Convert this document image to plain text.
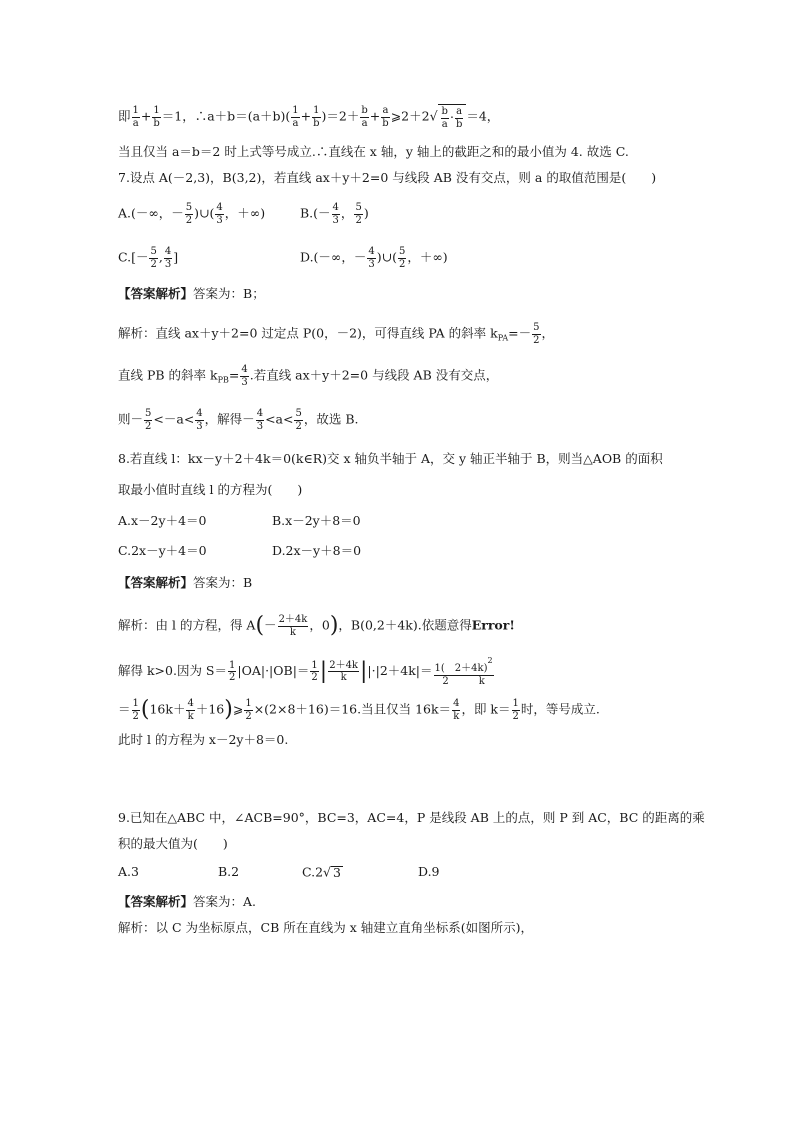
即 $\frac{1}{a} + \frac{1}{b} =1$，∴a＋b＝(a＋b)( $\frac{1}{a} + \frac{1}{b} )=2+ \frac{b}{a} + \frac{a}{b}$ ⩾2＋2√ $\frac{b}{a} \cdot \frac{a}{b} =4$，
当且仅当 a＝b＝2 时上式等号成立.∴直线在 x 轴，y 轴上的截距之和的最小值为 4. 故选 C.
7.设点 A(－2,3)，B(3,2)，若直线 ax＋y＋2=0 与线段 AB 没有交点，则 a 的取值范围是(　　)
A.(－∞，－ $\frac{5}{2}$ )∪( $\frac{4}{3}$ ，＋∞)	$B.(- \frac{4}{3}$ ， $\frac{5}{2}$ )
$C.[- \frac{5}{2}$ , $\frac{4}{3}$ ]	D.(－∞，－ $\frac{4}{3}$ )∪( $\frac{5}{2}$ ，＋∞)
【答案解析】答案为：B；
解析：直线 ax＋y＋2=0 过定点 P(0，－2)，可得直线 PA 的斜率 $k_{PA}=- \frac{5}{2}$ ，
直线 PB 的斜率 $k_{PB}= \frac{4}{3}$ .若直线 ax＋y＋2=0 与线段 AB 没有交点，
则－ $\frac{5}{2} <-a< \frac{4}{3}$ ，解得－ $\frac{4}{3} <a< \frac{5}{2}$ ，故选 B.
8.若直线 l：kx－y＋2＋4k＝0(k∈R)交 x 轴负半轴于 A，交 y 轴正半轴于 B，则当△AOB 的面积
取最小值时直线 l 的方程为(　　)
A.x－2y＋4＝0	B.x－2y＋8＝0
C.2x－y＋4＝0	D.2x－y＋8＝0
【答案解析】答案为：B
解析：由 l 的方程，得 $A(- \frac{2+4k}{k}$ ，0)，B(0,2＋4k).依题意得Error!
解得 k>0.因为 $S= \frac{1}{2} |OA|\cdot|OB|= \frac{1}{2}$ | $\frac{2+4k}{k} ||\cdot|2+4k|= \frac{1( 2+4k)^2}{2 k}$
＝ $\frac{1}{2} (16k+ \frac{4}{k}$ ＋16)⩾ $\frac{1}{2} \times(2\times 8+16)=16$.当且仅当 $16k= \frac{4}{k}$ ，即 $k= \frac{1}{2}$ 时，等号成立.
此时 l 的方程为 x－2y＋8＝0.
9.已知在△ABC 中，∠ACB=90°，BC=3，AC=4，P 是线段 AB 上的点，则 P 到 AC，BC 的距离的乘
积的最大值为(　　)
A.3	B.2	C.2√ 3	D.9
【答案解析】答案为：A.
解析：以 C 为坐标原点，CB 所在直线为 x 轴建立直角坐标系(如图所示)，
